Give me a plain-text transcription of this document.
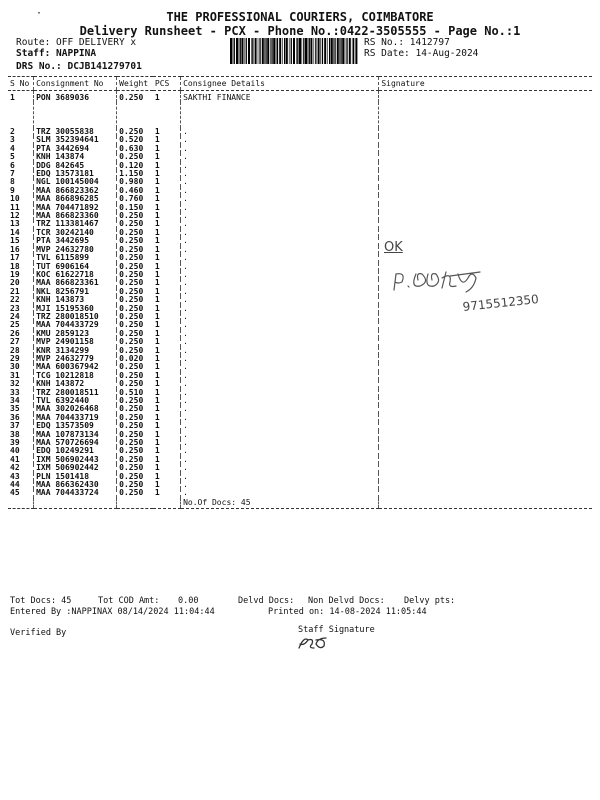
·	THE PROFESSIONAL COURIERS, COIMBATORE
Delivery Runsheet - PCX - Phone No.:0422-3505555 - Page No.:1
Route: OFF DELIVERY x
Staff: NAPPINA
DRS No.: DCJB141279701
RS No.: 1412797
RS Date: 14-Aug-2024
S No	Consignment No	Weight	PCS	Consignee Details	Signature
1	PON 3689036	0.250	1	SAKTHI FINANCE	

2	TRZ 30055838	0.250	1	.	
3	SLM 352394641	0.520	1	.	
4	PTA 3442694	0.630	1	.	
5	KNH 143874	0.250	1	.	
6	DDG 842645	0.120	1	.	
7	EDQ 13573181	1.150	1	.	
8	NGL 100145004	0.980	1	.	
9	MAA 866823362	0.460	1	.	
10	MAA 866896285	0.760	1	.	
11	MAA 704471892	0.150	1	.	
12	MAA 866823360	0.250	1	.	
13	TRZ 113381467	0.250	1	.	
14	TCR 30242140	0.250	1	.	
15	PTA 3442695	0.250	1	.	
16	MVP 24632780	0.250	1	.	
17	TVL 6115899	0.250	1	.	
18	TUT 6906164	0.250	1	.	
19	KOC 61622718	0.250	1	.	
20	MAA 866823361	0.250	1	.	
21	NKL 8256791	0.250	1	.	
22	KNH 143873	0.250	1	.	
23	MJI 15195360	0.250	1	.	
24	TRZ 280018510	0.250	1	.	
25	MAA 704433729	0.250	1	.	
26	KMU 2859123	0.250	1	.	
27	MVP 24901158	0.250	1	.	
28	KNR 3134299	0.250	1	.	
29	MVP 24632779	0.020	1	.	
30	MAA 600367942	0.250	1	.	
31	TCG 10212818	0.250	1	.	
32	KNH 143872	0.250	1	.	
33	TRZ 280018511	0.510	1	.	
34	TVL 6392440	0.250	1	.	
35	MAA 302026468	0.250	1	.	
36	MAA 704433719	0.250	1	.	
37	EDQ 13573509	0.250	1	.	
38	MAA 107873134	0.250	1	.	
39	MAA 570726694	0.250	1	.	
40	EDQ 10249291	0.250	1	.	
41	IXM 506902443	0.250	1	.	
42	IXM 506902442	0.250	1	.	
43	PLN 1501418	0.250	1	.	
44	MAA 866362430	0.250	1	.	
45	MAA 704433724	0.250	1	.	
				No.Of Docs: 45	
Tot Docs: 45	Tot COD Amt: 0.00	Delvd Docs: Non Delvd Docs: Delvy pts:
Entered By :NAPPINAX 08/14/2024 11:04:44	Printed on: 14-08-2024 11:05:44
Verified By	Staff Signature
OK
9715512350
